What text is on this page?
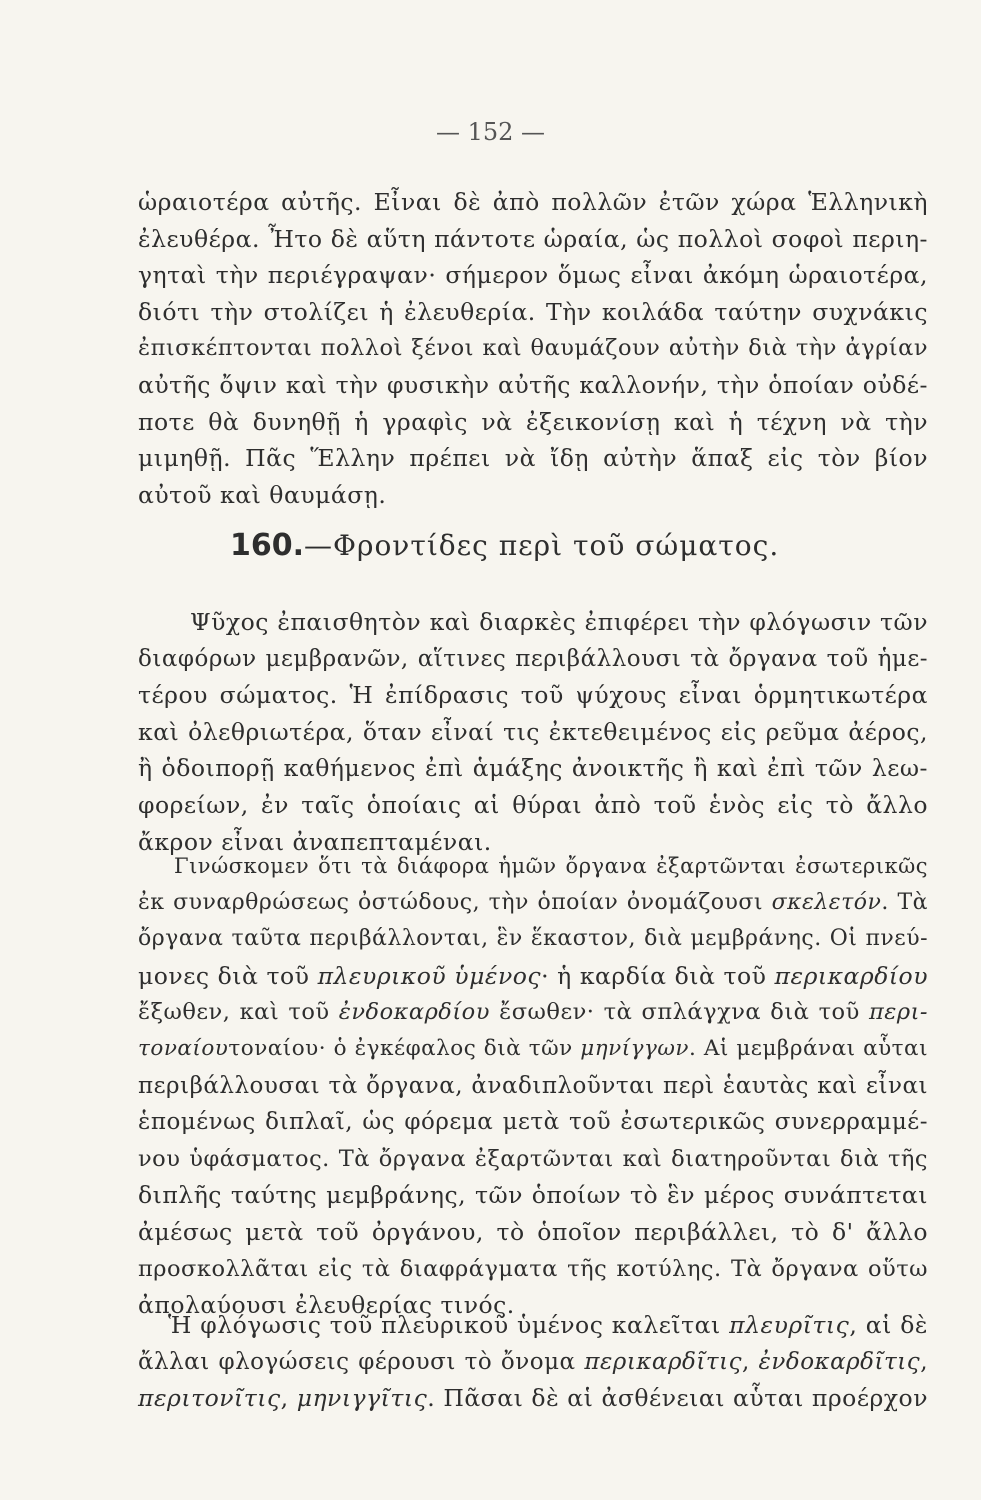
— 152 —
ὡραιοτέρα αὐτῆς. Εἶναι δὲ ἀπὸ πολλῶν ἐτῶν χώρα Ἑλληνικὴ
ἐλευθέρα. Ἦτο δὲ αὕτη πάντοτε ὡραία, ὡς πολλοὶ σοφοὶ περιη-
γηταὶ τὴν περιέγραψαν· σήμερον ὅμως εἶναι ἀκόμη ὡραιοτέρα,
διότι τὴν στολίζει ἡ ἐλευθερία. Τὴν κοιλάδα ταύτην συχνάκις
ἐπισκέπτονται πολλοὶ ξένοι καὶ θαυμάζουν αὐτὴν διὰ τὴν ἀγρίαν
αὐτῆς ὄψιν καὶ τὴν φυσικὴν αὐτῆς καλλονήν, τὴν ὁποίαν οὐδέ-
ποτε θὰ δυνηθῇ ἡ γραφὶς νὰ ἐξεικονίσῃ καὶ ἡ τέχνη νὰ τὴν
μιμηθῇ. Πᾶς Ἕλλην πρέπει νὰ ἴδῃ αὐτὴν ἅπαξ εἰς τὸν βίον
αὐτοῦ καὶ θαυμάσῃ.
160.—Φροντίδες περὶ τοῦ σώματος.
Ψῦχος ἐπαισθητὸν καὶ διαρκὲς ἐπιφέρει τὴν φλόγωσιν τῶν
διαφόρων μεμβρανῶν, αἵτινες περιβάλλουσι τὰ ὄργανα τοῦ ἡμε-
τέρου σώματος. Ἡ ἐπίδρασις τοῦ ψύχους εἶναι ὁρμητικωτέρα
καὶ ὀλεθριωτέρα, ὅταν εἶναί τις ἐκτεθειμένος εἰς ρεῦμα ἀέρος,
ἢ ὁδοιπορῇ καθήμενος ἐπὶ ἁμάξης ἀνοικτῆς ἢ καὶ ἐπὶ τῶν λεω-
φορείων, ἐν ταῖς ὁποίαις αἱ θύραι ἀπὸ τοῦ ἑνὸς εἰς τὸ ἄλλο
ἄκρον εἶναι ἀναπεπταμέναι.
Γινώσκομεν ὅτι τὰ διάφορα ἡμῶν ὄργανα ἐξαρτῶνται ἐσωτερικῶς
ἐκ συναρθρώσεως ὀστώδους, τὴν ὁποίαν ὀνομάζουσι σκελετόν. Τὰ
ὄργανα ταῦτα περιβάλλονται, ἓν ἕκαστον, διὰ μεμβράνης. Οἱ πνεύ-
μονες διὰ τοῦ πλευρικοῦ ὑμένος· ἡ καρδία διὰ τοῦ περικαρδίου
ἔξωθεν, καὶ τοῦ ἐνδοκαρδίου ἔσωθεν· τὰ σπλάγχνα διὰ τοῦ περι-
τοναίουτοναίου· ὁ ἐγκέφαλος διὰ τῶν μηνίγγων. Αἱ μεμβράναι αὗται
περιβάλλουσαι τὰ ὄργανα, ἀναδιπλοῦνται περὶ ἑαυτὰς καὶ εἶναι
ἑπομένως διπλαῖ, ὡς φόρεμα μετὰ τοῦ ἐσωτερικῶς συνερραμμέ-
νου ὑφάσματος. Τὰ ὄργανα ἐξαρτῶνται καὶ διατηροῦνται διὰ τῆς
διπλῆς ταύτης μεμβράνης, τῶν ὁποίων τὸ ἓν μέρος συνάπτεται
ἀμέσως μετὰ τοῦ ὀργάνου, τὸ ὁποῖον περιβάλλει, τὸ δ' ἄλλο
προσκολλᾶται εἰς τὰ διαφράγματα τῆς κοτύλης. Τὰ ὄργανα οὕτω
ἀπολαύουσι ἐλευθερίας τινός.
Ἡ φλόγωσις τοῦ πλευρικοῦ ὑμένος καλεῖται πλευρῖτις, αἱ δὲ
ἄλλαι φλογώσεις φέρουσι τὸ ὄνομα περικαρδῖτις, ἐνδοκαρδῖτις,
περιτονῖτις, μηνιγγῖτις. Πᾶσαι δὲ αἱ ἀσθένειαι αὗται προέρχον
